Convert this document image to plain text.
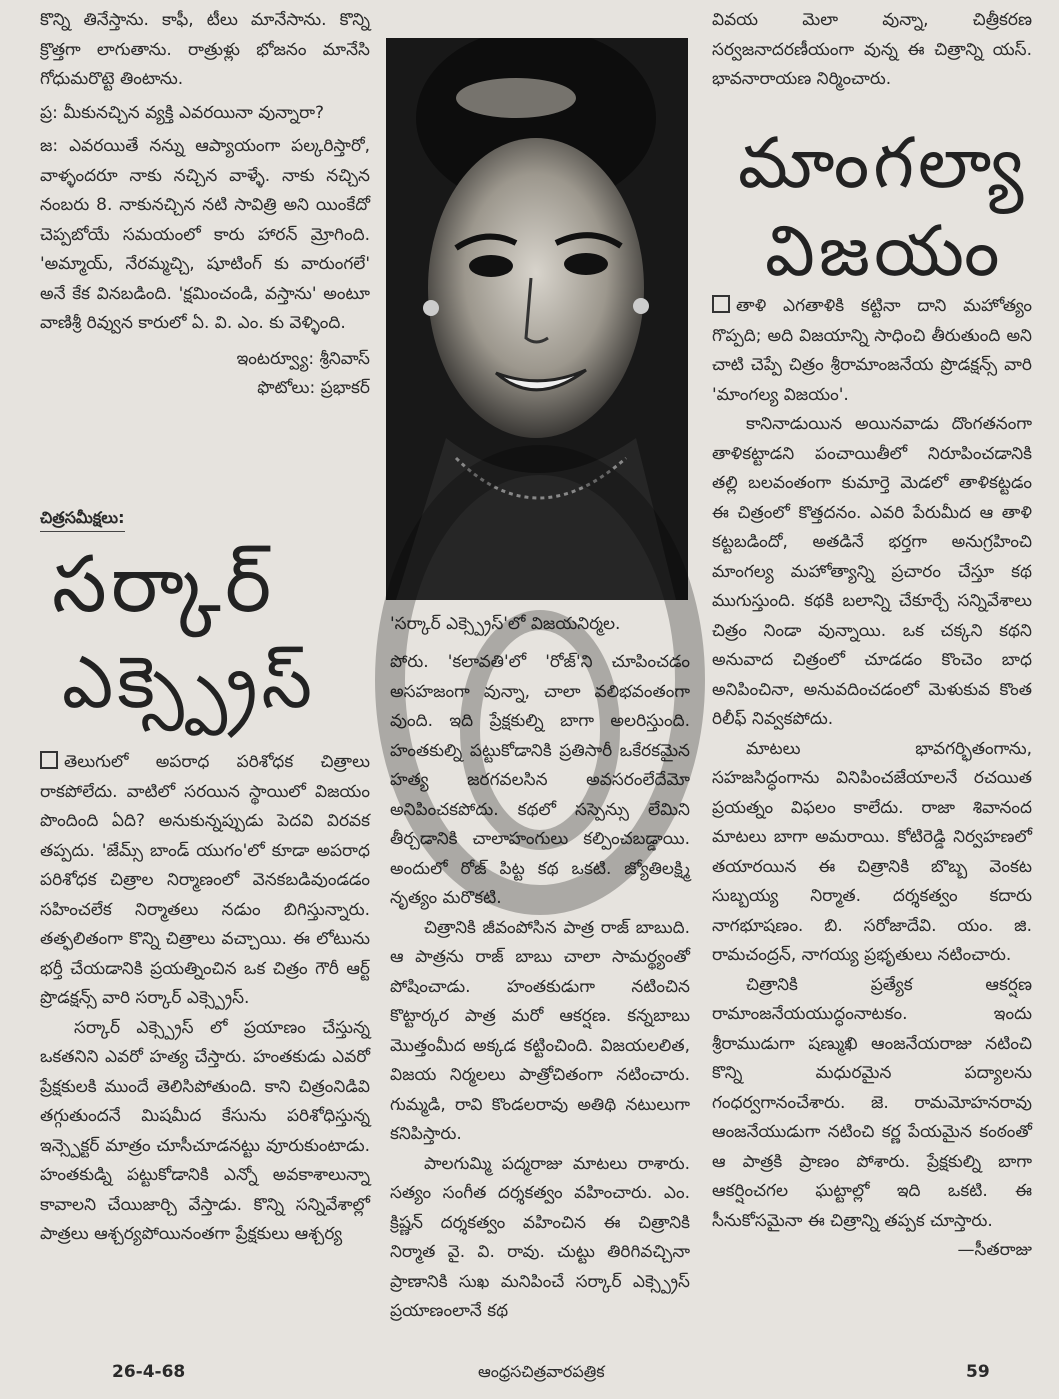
కొన్ని తినేస్తాను. కాఫీ, టీలు మానేసాను. కొన్ని క్రొత్తగా లాగుతాను. రాత్రుళ్లు భోజనం మానేసి గోధుమరొట్టె తింటాను.

ప్ర: మీకునచ్చిన వ్యక్తి ఎవరయినా వున్నారా?

జ: ఎవరయితే నన్ను ఆప్యాయంగా పల్కరిస్తారో, వాళ్ళందరూ నాకు నచ్చిన వాళ్ళే. నాకు నచ్చిన నంబరు 8. నాకునచ్చిన నటి సావిత్రి అని యింకేదో చెప్పబోయే సమయంలో కారు హారన్ మ్రోగింది. 'అమ్మాయ్, నేరమ్మచ్చి, షూటింగ్ కు వారుంగలే' అనే కేక వినబడింది. 'క్షమించండి, వస్తాను' అంటూ వాణిశ్రీ రివ్వున కారులో ఏ. వి. ఎం. కు వెళ్ళింది.

ఇంటర్వ్యూ: శ్రీనివాస్

ఫొటోలు: ప్రభాకర్

చిత్రసమీక్షలు:
సర్కార్
ఎక్స్ప్రెస్

తెలుగులో అపరాధ పరిశోధక చిత్రాలు రాకపోలేదు. వాటిలో సరయిన స్థాయిలో విజయం పొందింది ఏది? అనుకున్నప్పుడు పెదవి విరవక తప్పదు. 'జేమ్స్ బాండ్ యుగం'లో కూడా అపరాధ పరిశోధక చిత్రాల నిర్మాణంలో వెనకబడివుండడం సహించలేక నిర్మాతలు నడుం బిగిస్తున్నారు. తత్ఫలితంగా కొన్ని చిత్రాలు వచ్చాయి. ఈ లోటును భర్తీ చేయడానికి ప్రయత్నించిన ఒక చిత్రం గౌరీ ఆర్ట్ ప్రొడక్షన్స్ వారి సర్కార్ ఎక్స్ప్రెస్.

సర్కార్ ఎక్స్ప్రెస్ లో ప్రయాణం చేస్తున్న ఒకతనిని ఎవరో హత్య చేస్తారు. హంతకుడు ఎవరో ప్రేక్షకులకి ముందే తెలిసిపోతుంది. కాని చిత్రంనిడివి తగ్గుతుందనే మిషమీద కేసును పరిశోధిస్తున్న ఇన్స్పెక్టర్ మాత్రం చూసీచూడనట్టు వూరుకుంటాడు. హంతకుడ్ని పట్టుకోడానికి ఎన్నో అవకాశాలున్నా కావాలని చేయిజార్చి వేస్తాడు. కొన్ని సన్నివేశాల్లో పాత్రలు ఆశ్చర్యపోయినంతగా ప్రేక్షకులు ఆశ్చర్య

'సర్కార్ ఎక్స్ప్రెస్'లో విజయనిర్మల.

పోరు. 'కలావతి'లో 'రోజ్'ని చూపించడం అసహజంగా వున్నా, చాలా వలిభవంతంగా వుంది. ఇది ప్రేక్షకుల్ని బాగా అలరిస్తుంది. హంతకుల్ని పట్టుకోడానికి ప్రతిసారీ ఒకేరకమైన హత్య జరగవలసిన అవసరంలేదేమో అనిపించకపోదు. కథలో సస్పెన్సు లేమిని తీర్చడానికి చాలాహంగులు కల్పించబడ్డాయి. అందులో రోజ్ పిట్ట కథ ఒకటి. జ్యోతిలక్ష్మి నృత్యం మరొకటి.

చిత్రానికి జీవంపోసిన పాత్ర రాజ్ బాబుది. ఆ పాత్రను రాజ్ బాబు చాలా సామర్థ్యంతో పోషించాడు. హంతకుడుగా నటించిన కొట్టార్కర పాత్ర మరో ఆకర్షణ. కన్నబాబు మొత్తంమీద అక్కడ కట్టించింది. విజయలలిత, విజయ నిర్మలలు పాత్రోచితంగా నటించారు. గుమ్మడి, రావి కొండలరావు అతిథి నటులుగా కనిపిస్తారు.

పాలగుమ్మి పద్మరాజు మాటలు రాశారు. సత్యం సంగీత దర్శకత్వం వహించారు. ఎం. క్రిష్ణన్ దర్శకత్వం వహించిన ఈ చిత్రానికి నిర్మాత వై. వి. రావు. చుట్టు తిరిగివచ్చినా ప్రాణానికి సుఖ మనిపించే సర్కార్ ఎక్స్ప్రెస్ ప్రయాణంలానే కథ

వివయ మెలా వున్నా, చిత్రీకరణ సర్వజనాదరణీయంగా వున్న ఈ చిత్రాన్ని యస్. భావనారాయణ నిర్మించారు.

మాంగల్యా
విజయం

తాళి ఎగతాళికి కట్టినా దాని మహోత్యం గొప్పది; అది విజయాన్ని సాధించి తీరుతుంది అని చాటి చెప్పే చిత్రం శ్రీరామాంజనేయ ప్రొడక్షన్స్ వారి 'మాంగల్య విజయం'.

కానినాడుయిన అయినవాడు దొంగతనంగా తాళికట్టాడని పంచాయితీలో నిరూపించడానికి తల్లి బలవంతంగా కుమార్తె మెడలో తాళికట్టడం ఈ చిత్రంలో కొత్తదనం. ఎవరి పేరుమీద ఆ తాళి కట్టబడిందో, అతడినే భర్తగా అనుగ్రహించి మాంగల్య మహోత్యాన్ని ప్రచారం చేస్తూ కథ ముగుస్తుంది. కథకి బలాన్ని చేకూర్చే సన్నివేశాలు చిత్రం నిండా వున్నాయి. ఒక చక్కని కథని అనువాద చిత్రంలో చూడడం కొంచెం బాధ అనిపించినా, అనువదించడంలో మెళుకువ కొంత రిలీఫ్ నివ్వకపోదు.

మాటలు భావగర్భితంగాను, సహజసిద్ధంగాను వినిపించజేయాలనే రచయిత ప్రయత్నం విఫలం కాలేదు. రాజా శివానంద మాటలు బాగా అమరాయి. కోటిరెడ్డి నిర్వహణలో తయారయిన ఈ చిత్రానికి బొబ్బ వెంకట సుబ్బయ్య నిర్మాత. దర్శకత్వం కదారు నాగభూషణం. బి. సరోజాదేవి. యం. జి. రామచంద్రన్, నాగయ్య ప్రభృతులు నటించారు.

చిత్రానికి ప్రత్యేక ఆకర్షణ రామాంజనేయయుద్ధంనాటకం. ఇందు శ్రీరాముడుగా షణ్ముఖి ఆంజనేయరాజు నటించి కొన్ని మధురమైన పద్యాలను గంధర్వగానంచేశారు. జె. రామమోహనరావు ఆంజనేయుడుగా నటించి కర్ణ పేయమైన కంఠంతో ఆ పాత్రకి ప్రాణం పోశారు. ప్రేక్షకుల్ని బాగా ఆకర్షించగల ఘట్టాల్లో ఇది ఒకటి. ఈ సీనుకోసమైనా ఈ చిత్రాన్ని తప్పక చూస్తారు.

—సీతరాజు

26-4-68	ఆంధ్రసచిత్రవారపత్రిక	59
